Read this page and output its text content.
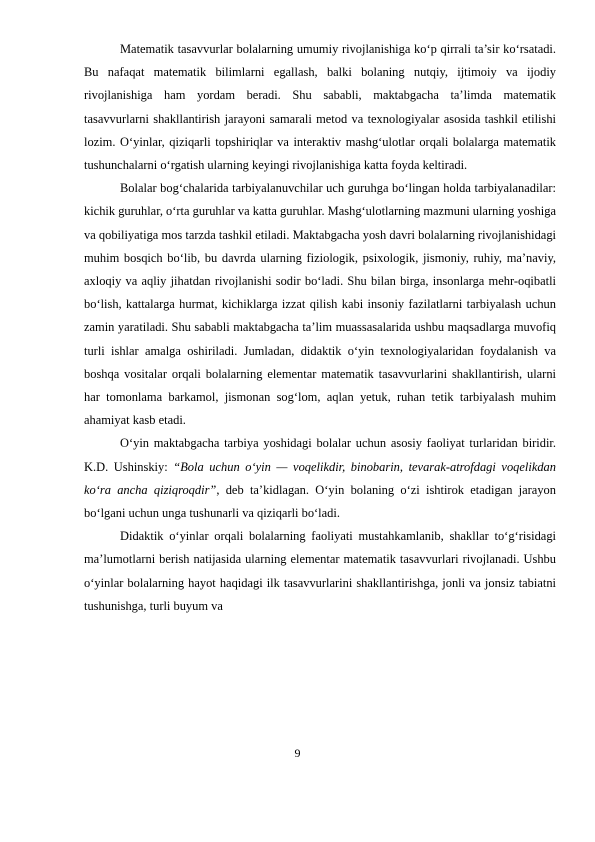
Matematik tasavvurlar bolalarning umumiy rivojlanishiga ko‘p qirrali ta’sir ko‘rsatadi. Bu nafaqat matematik bilimlarni egallash, balki bolaning nutqiy, ijtimoiy va ijodiy rivojlanishiga ham yordam beradi. Shu sababli, maktabgacha ta’limda matematik tasavvurlarni shakllantirish jarayoni samarali metod va texnologiyalar asosida tashkil etilishi lozim. O‘yinlar, qiziqarli topshiriqlar va interaktiv mashg‘ulotlar orqali bolalarga matematik tushunchalarni o‘rgatish ularning keyingi rivojlanishiga katta foyda keltiradi.

Bolalar bog‘chalarida tarbiyalanuvchilar uch guruhga bo‘lingan holda tarbiyalanadilar: kichik guruhlar, o‘rta guruhlar va katta guruhlar. Mashg‘ulotlarning mazmuni ularning yoshiga va qobiliyatiga mos tarzda tashkil etiladi. Maktabgacha yosh davri bolalarning rivojlanishidagi muhim bosqich bo‘lib, bu davrda ularning fiziologik, psixologik, jismoniy, ruhiy, ma’naviy, axloqiy va aqliy jihatdan rivojlanishi sodir bo‘ladi. Shu bilan birga, insonlarga mehr-oqibatli bo‘lish, kattalarga hurmat, kichiklarga izzat qilish kabi insoniy fazilatlarni tarbiyalash uchun zamin yaratiladi. Shu sababli maktabgacha ta’lim muassasalarida ushbu maqsadlarga muvofiq turli ishlar amalga oshiriladi. Jumladan, didaktik o‘yin texnologiyalaridan foydalanish va boshqa vositalar orqali bolalarning elementar matematik tasavvurlarini shakllantirish, ularni har tomonlama barkamol, jismonan sog‘lom, aqlan yetuk, ruhan tetik tarbiyalash muhim ahamiyat kasb etadi.

O‘yin maktabgacha tarbiya yoshidagi bolalar uchun asosiy faoliyat turlaridan biridir. K.D. Ushinskiy: “Bola uchun o‘yin — voqelikdir, binobarin, tevarak-atrofdagi voqelikdan ko‘ra ancha qiziqroqdir”, deb ta’kidlagan. O‘yin bolaning o‘zi ishtirok etadigan jarayon bo‘lgani uchun unga tushunarli va qiziqarli bo‘ladi.

Didaktik o‘yinlar orqali bolalarning faoliyati mustahkamlanib, shakllar to‘g‘risidagi ma’lumotlarni berish natijasida ularning elementar matematik tasavvurlari rivojlanadi. Ushbu o‘yinlar bolalarning hayot haqidagi ilk tasavvurlarini shakllantirishga, jonli va jonsiz tabiatni tushunishga, turli buyum va

9
